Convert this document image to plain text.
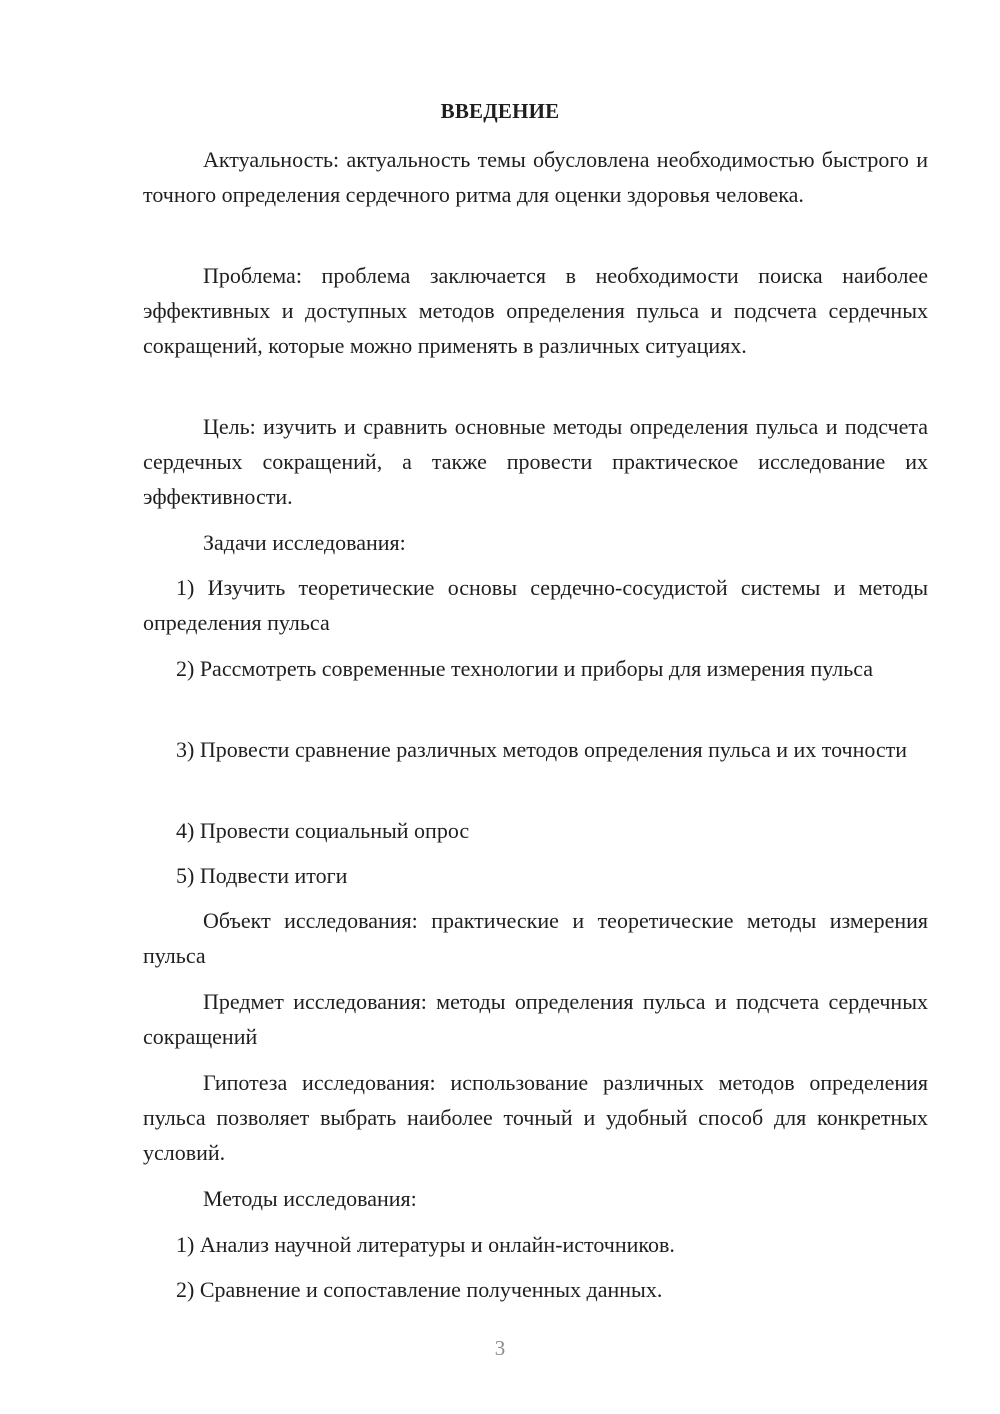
ВВЕДЕНИЕ

Актуальность: актуальность темы обусловлена необходимостью быстрого и точного определения сердечного ритма для оценки здоровья человека.

Проблема: проблема заключается в необходимости поиска наиболее эффективных и доступных методов определения пульса и подсчета сердечных сокращений, которые можно применять в различных ситуациях.

Цель: изучить и сравнить основные методы определения пульса и подсчета сердечных сокращений, а также провести практическое исследование их эффективности.

Задачи исследования:

1) Изучить теоретические основы сердечно-сосудистой системы и методы определения пульса

2) Рассмотреть современные технологии и приборы для измерения пульса

3) Провести сравнение различных методов определения пульса и их точности

4) Провести социальный опрос

5) Подвести итоги

Объект исследования: практические и теоретические методы измерения пульса

Предмет исследования: методы определения пульса и подсчета сердечных сокращений

Гипотеза исследования: использование различных методов определения пульса позволяет выбрать наиболее точный и удобный способ для конкретных условий.

Методы исследования:

1) Анализ научной литературы и онлайн-источников.

2) Сравнение и сопоставление полученных данных.

3
